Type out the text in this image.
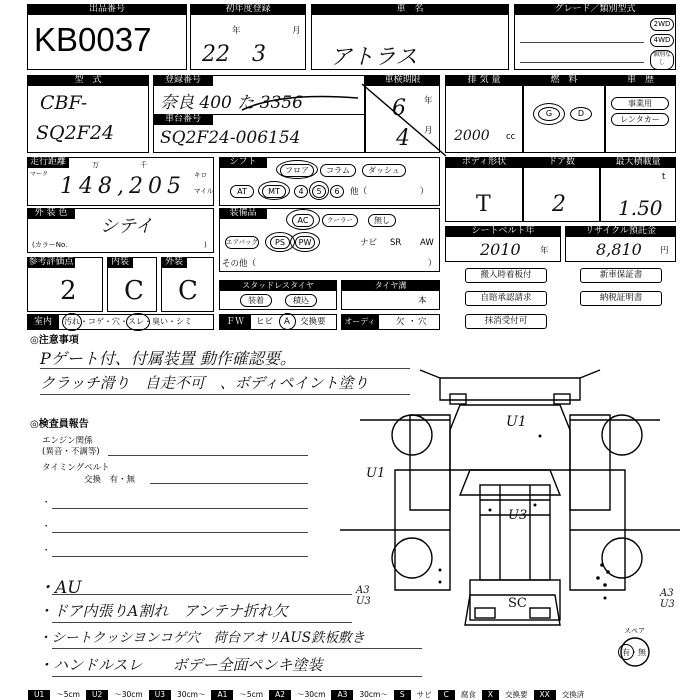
出品番号
KB0037
初年度登録
年	月
22 3
車　名
アトラス
グレード／類別型式
2WD
4WD
個別なし
型　式
CBF-
SQ2F24
登録番号
奈良 400 た 3356
車台番号
SQ2F24-006154
車検期限
年
月
6
4
排 気 量
2000 cc
燃　料
G	D
車　歴
事業用
レンタカー
走行距離
マーク
万	千
キロ
マイル
148,205
シフト
フロア	コラム	ダッシュ
AT	MT	4	5	6	他（	）
ボディ形状
T
ドア数
2
最大積載量
t
1.50
外 装 色
シテイ
(カラーNo.	)
装備品
AC	クーラー	無し
エアバッグ	PS	PW	ナビ SR AW
その他（	）
シートベルト年
2010 年
リサイクル預託金
8,810 円
搬入時着板付	新車保証書
自賠承認請求	納税証明書
抹消受付可
参考評価点
2
内装
C
外装
C	スタッドレスタイヤ
装着	積込
タイヤ溝
本
室内	汚れ・コゲ・穴・スレ・臭い・シミ	ＦＷ	ヒビ A 交換要	オーディオ
欠 ・ 穴
◎注意事項
Pゲート付、付属装置 動作確認要。
クラッチ滑り　自走不可　、ボディペイント塗り
◎検査員報告
エンジン関係
(異音・不調等)
タイミングベルト
交換　有・無
・
・
・
・AU
・ドア内張りA割れ　アンテナ折れ欠
・シートクッシヨンコゲ穴　荷台アオリAUS鉄板敷き
・ハンドルスレ　　ボデー全面ペンキ塗装
U1
U1
U3
A3
U3
A3
U3
SC
スペア
有・無
U1	～5cm	U2	～30cm	U3	30cm～	A1	～5cm	A2	～30cm	A3	30cm～	S	サビ	C	腐食	X	交換要	XX	交換済
